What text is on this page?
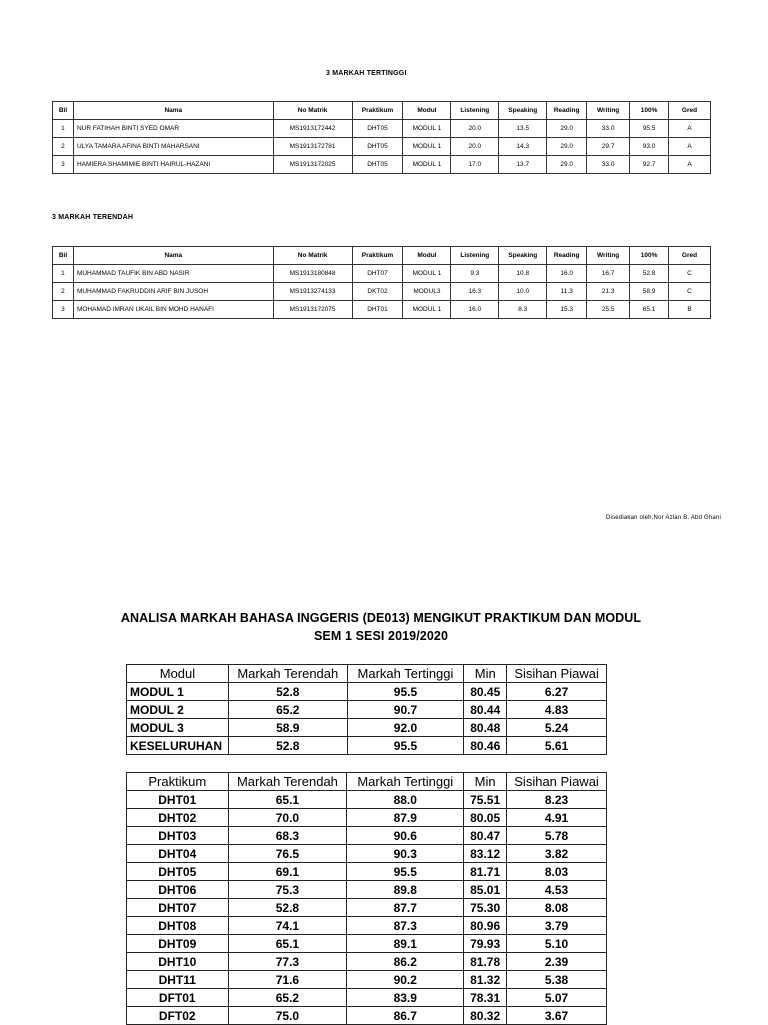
3 MARKAH TERTINGGI
Bil	Nama	No Matrik	Praktikum	Modul	Listening	Speaking	Reading	Writing	100%	Gred
1	NUR FATIHAH BINTI SYED OMAR	MS1913172442	DHT05	MODUL 1	20.0	13.5	29.0	33.0	95.5	A
2	ULYA TAMARA AFINA BINTI MAHARSANI	MS1913172781	DHT05	MODUL 1	20.0	14.3	29.0	29.7	93.0	A
3	HAMIERA SHAMIMIE BINTI HAIRUL-HAZANI	MS1913172025	DHT05	MODUL 1	17.0	13.7	29.0	33.0	92.7	A
3 MARKAH TERENDAH
Bil	Nama	No Matrik	Praktikum	Modul	Listening	Speaking	Reading	Writing	100%	Gred
1	MUHAMMAD TAUFIK BIN ABD NASIR	MS1913180848	DHT07	MODUL 1	9.3	10.8	16.0	16.7	52.8	C
2	MUHAMMAD FAKRUDDIN ARIF BIN JUSOH	MS1913274133	DKT02	MODUL3	16.3	10.0	11.3	21.3	58.9	C
3	MOHAMAD IMRAN UKAIL BIN MOHD HANAFI	MS1913172075	DHT01	MODUL 1	16.0	8.3	15.3	25.5	65.1	B
Disediakan oleh,Nor Azlan B. Abd Ghani
ANALISA MARKAH BAHASA INGGERIS (DE013) MENGIKUT PRAKTIKUM DAN MODUL
SEM 1 SESI 2019/2020
Modul	Markah Terendah	Markah Tertinggi	Min	Sisihan Piawai
MODUL 1	52.8	95.5	80.45	6.27
MODUL 2	65.2	90.7	80.44	4.83
MODUL 3	58.9	92.0	80.48	5.24
KESELURUHAN	52.8	95.5	80.46	5.61
Praktikum	Markah Terendah	Markah Tertinggi	Min	Sisihan Piawai
DHT01	65.1	88.0	75.51	8.23
DHT02	70.0	87.9	80.05	4.91
DHT03	68.3	90.6	80.47	5.78
DHT04	76.5	90.3	83.12	3.82
DHT05	69.1	95.5	81.71	8.03
DHT06	75.3	89.8	85.01	4.53
DHT07	52.8	87.7	75.30	8.08
DHT08	74.1	87.3	80.96	3.79
DHT09	65.1	89.1	79.93	5.10
DHT10	77.3	86.2	81.78	2.39
DHT11	71.6	90.2	81.32	5.38
DFT01	65.2	83.9	78.31	5.07
DFT02	75.0	86.7	80.32	3.67
